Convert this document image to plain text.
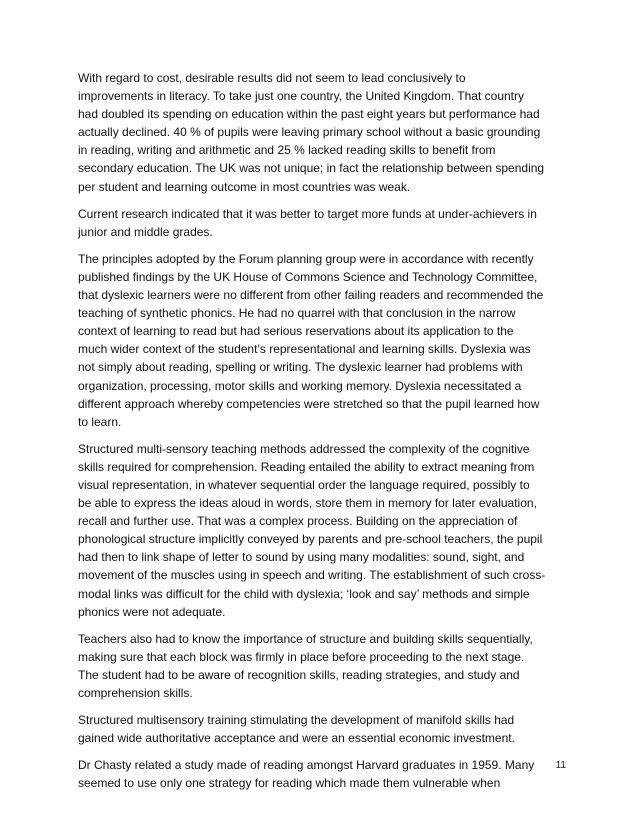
With regard to cost, desirable results did not seem to lead conclusively to
improvements in literacy. To take just one country, the United Kingdom. That country
had doubled its spending on education within the past eight years but performance had
actually declined. 40 % of pupils were leaving primary school without a basic grounding
in reading, writing and arithmetic and 25 % lacked reading skills to benefit from
secondary education. The UK was not unique; in fact the relationship between spending
per student and learning outcome in most countries was weak.

Current research indicated that it was better to target more funds at under-achievers in
junior and middle grades.

The principles adopted by the Forum planning group were in accordance with recently
published findings by the UK House of Commons Science and Technology Committee,
that dyslexic learners were no different from other failing readers and recommended the
teaching of synthetic phonics. He had no quarrel with that conclusion in the narrow
context of learning to read but had serious reservations about its application to the
much wider context of the student’s representational and learning skills. Dyslexia was
not simply about reading, spelling or writing. The dyslexic learner had problems with
organization, processing, motor skills and working memory. Dyslexia necessitated a
different approach whereby competencies were stretched so that the pupil learned how
to learn.

Structured multi-sensory teaching methods addressed the complexity of the cognitive
skills required for comprehension. Reading entailed the ability to extract meaning from
visual representation, in whatever sequential order the language required, possibly to
be able to express the ideas aloud in words, store them in memory for later evaluation,
recall and further use. That was a complex process. Building on the appreciation of
phonological structure implicitly conveyed by parents and pre-school teachers, the pupil
had then to link shape of letter to sound by using many modalities: sound, sight, and
movement of the muscles using in speech and writing. The establishment of such cross-
modal links was difficult for the child with dyslexia; ‘look and say’ methods and simple
phonics were not adequate.

Teachers also had to know the importance of structure and building skills sequentially,
making sure that each block was firmly in place before proceeding to the next stage.
The student had to be aware of recognition skills, reading strategies, and study and
comprehension skills.

Structured multisensory training stimulating the development of manifold skills had
gained wide authoritative acceptance and were an essential economic investment.

Dr Chasty related a study made of reading amongst Harvard graduates in 1959. Many
seemed to use only one strategy for reading which made them vulnerable when

11
